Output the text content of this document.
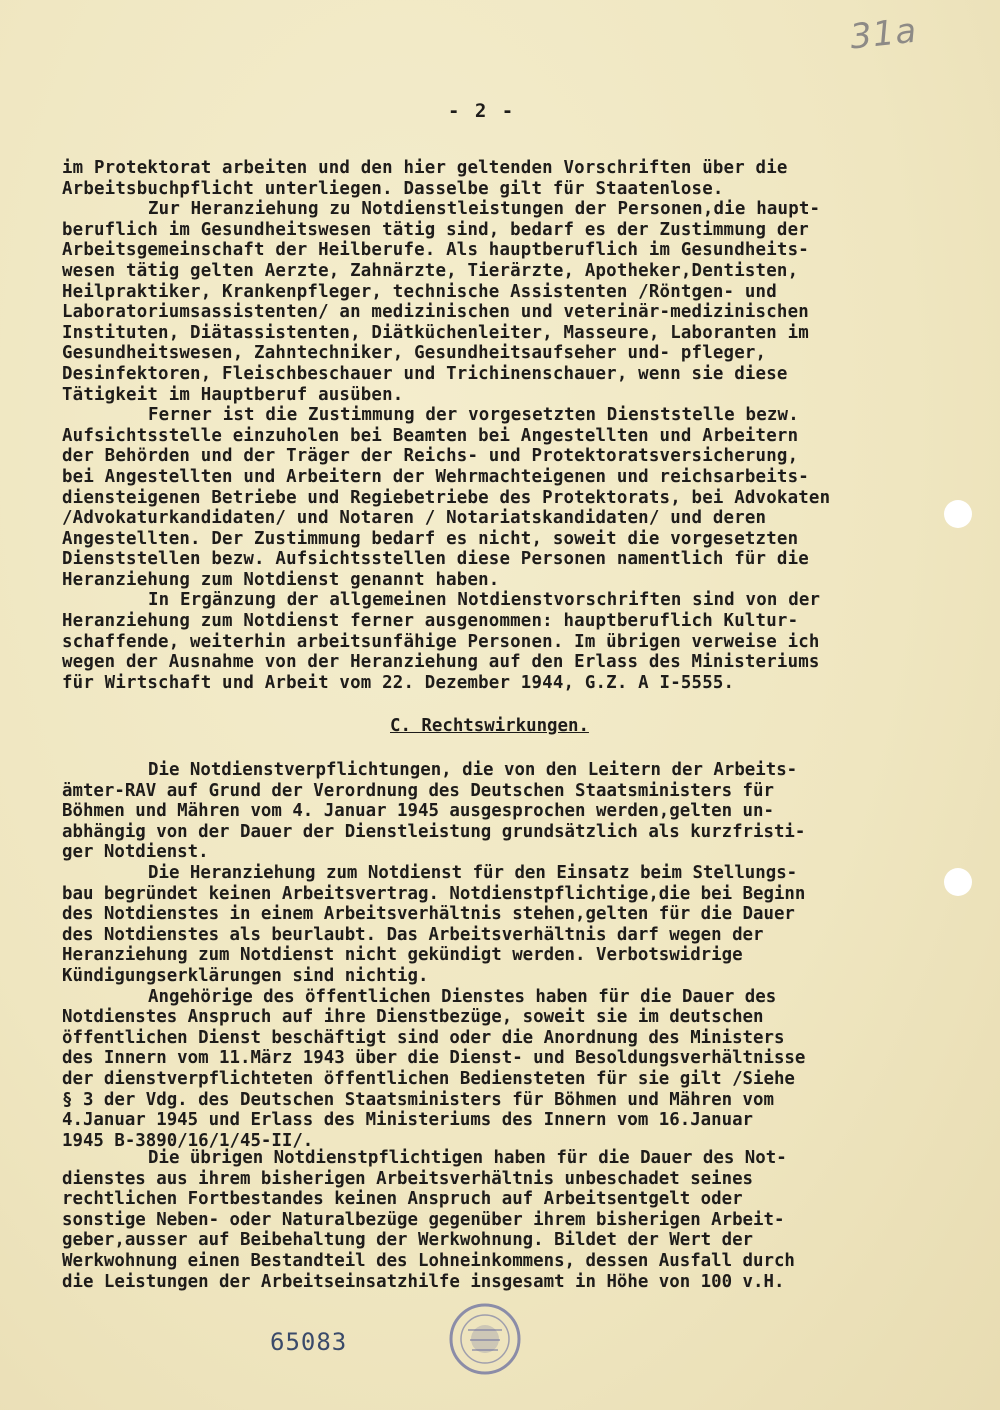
31a
- 2 -
im Protektorat arbeiten und den hier geltenden Vorschriften über die
Arbeitsbuchpflicht unterliegen. Dasselbe gilt für Staatenlose.
Zur Heranziehung zu Notdienstleistungen der Personen,die haupt-
beruflich im Gesundheitswesen tätig sind, bedarf es der Zustimmung der
Arbeitsgemeinschaft der Heilberufe. Als hauptberuflich im Gesundheits-
wesen tätig gelten Aerzte, Zahnärzte, Tierärzte, Apotheker,Dentisten,
Heilpraktiker, Krankenpfleger, technische Assistenten /Röntgen- und
Laboratoriumsassistenten/ an medizinischen und veterinär-medizinischen
Instituten, Diätassistenten, Diätküchenleiter, Masseure, Laboranten im
Gesundheitswesen, Zahntechniker, Gesundheitsaufseher und- pfleger,
Desinfektoren, Fleischbeschauer und Trichinenschauer, wenn sie diese
Tätigkeit im Hauptberuf ausüben.
Ferner ist die Zustimmung der vorgesetzten Dienststelle bezw.
Aufsichtsstelle einzuholen bei Beamten bei Angestellten und Arbeitern
der Behörden und der Träger der Reichs- und Protektoratsversicherung,
bei Angestellten und Arbeitern der Wehrmachteigenen und reichsarbeits-
diensteigenen Betriebe und Regiebetriebe des Protektorats, bei Advokaten
/Advokaturkandidaten/ und Notaren / Notariatskandidaten/ und deren
Angestellten. Der Zustimmung bedarf es nicht, soweit die vorgesetzten
Dienststellen bezw. Aufsichtsstellen diese Personen namentlich für die
Heranziehung zum Notdienst genannt haben.
In Ergänzung der allgemeinen Notdienstvorschriften sind von der
Heranziehung zum Notdienst ferner ausgenommen: hauptberuflich Kultur-
schaffende, weiterhin arbeitsunfähige Personen. Im übrigen verweise ich
wegen der Ausnahme von der Heranziehung auf den Erlass des Ministeriums
für Wirtschaft und Arbeit vom 22. Dezember 1944, G.Z. A I-5555.
C. Rechtswirkungen.
Die Notdienstverpflichtungen, die von den Leitern der Arbeits-
ämter-RAV auf Grund der Verordnung des Deutschen Staatsministers für
Böhmen und Mähren vom 4. Januar 1945 ausgesprochen werden,gelten un-
abhängig von der Dauer der Dienstleistung grundsätzlich als kurzfristi-
ger Notdienst.
Die Heranziehung zum Notdienst für den Einsatz beim Stellungs-
bau begründet keinen Arbeitsvertrag. Notdienstpflichtige,die bei Beginn
des Notdienstes in einem Arbeitsverhältnis stehen,gelten für die Dauer
des Notdienstes als beurlaubt. Das Arbeitsverhältnis darf wegen der
Heranziehung zum Notdienst nicht gekündigt werden. Verbotswidrige
Kündigungserklärungen sind nichtig.
Angehörige des öffentlichen Dienstes haben für die Dauer des
Notdienstes Anspruch auf ihre Dienstbezüge, soweit sie im deutschen
öffentlichen Dienst beschäftigt sind oder die Anordnung des Ministers
des Innern vom 11.März 1943 über die Dienst- und Besoldungsverhältnisse
der dienstverpflichteten öffentlichen Bediensteten für sie gilt /Siehe
§ 3 der Vdg. des Deutschen Staatsministers für Böhmen und Mähren vom
4.Januar 1945 und Erlass des Ministeriums des Innern vom 16.Januar
1945 B-3890/16/1/45-II/.
Die übrigen Notdienstpflichtigen haben für die Dauer des Not-
dienstes aus ihrem bisherigen Arbeitsverhältnis unbeschadet seines
rechtlichen Fortbestandes keinen Anspruch auf Arbeitsentgelt oder
sonstige Neben- oder Naturalbezüge gegenüber ihrem bisherigen Arbeit-
geber,ausser auf Beibehaltung der Werkwohnung. Bildet der Wert der
Werkwohnung einen Bestandteil des Lohneinkommens, dessen Ausfall durch
die Leistungen der Arbeitseinsatzhilfe insgesamt in Höhe von 100 v.H.
65083
